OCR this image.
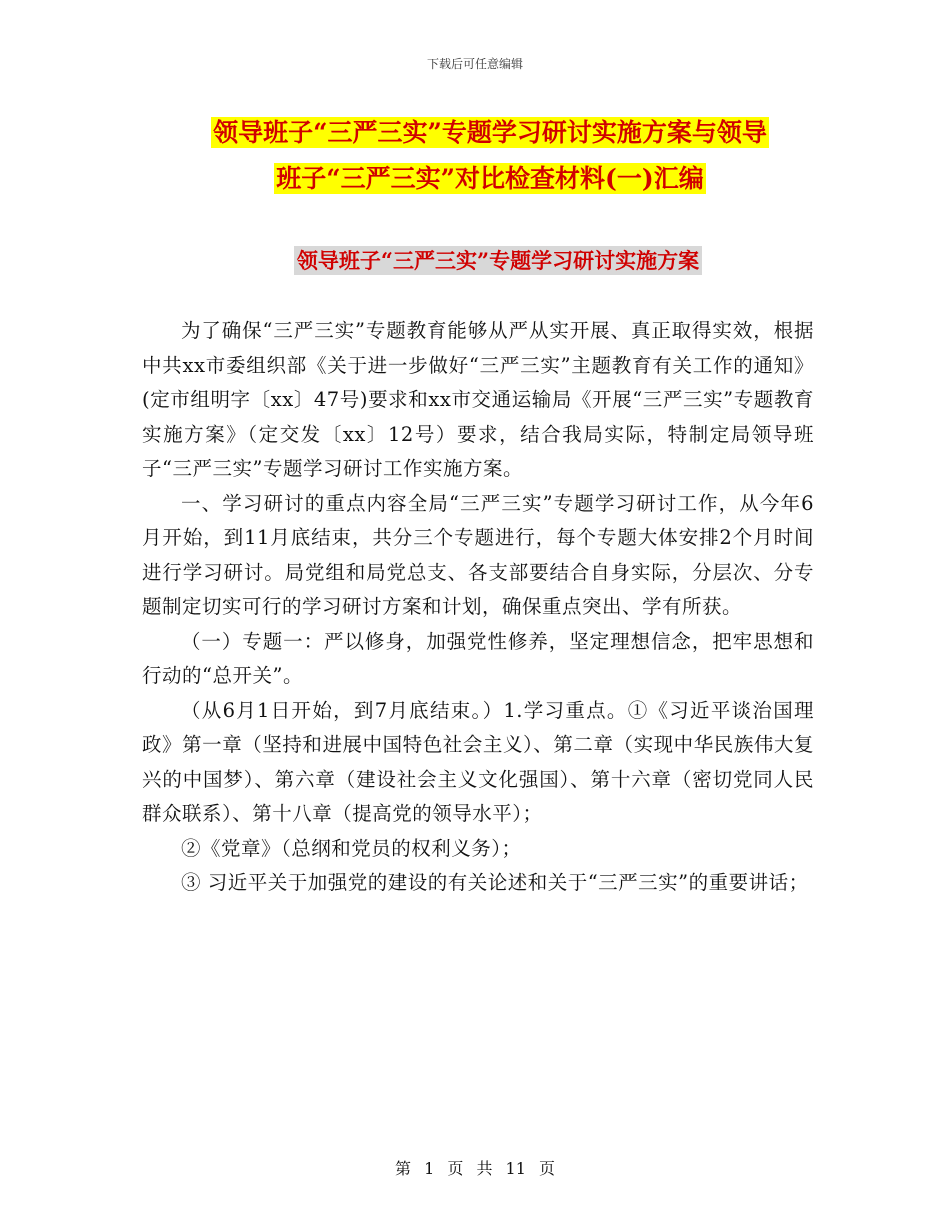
下载后可任意编辑
领导班子“三严三实”专题学习研讨实施方案与领导
班子“三严三实”对比检查材料(一)汇编
领导班子“三严三实”专题学习研讨实施方案

为了确保“三严三实”专题教育能够从严从实开展、真正取得实效，根据中共xx市委组织部《关于进一步做好“三严三实”主题教育有关工作的通知》(定市组明字〔xx〕47号)要求和xx市交通运输局《开展“三严三实”专题教育实施方案》（定交发〔xx〕12号）要求，结合我局实际，特制定局领导班子“三严三实”专题学习研讨工作实施方案。

一、学习研讨的重点内容全局“三严三实”专题学习研讨工作，从今年6月开始，到11月底结束，共分三个专题进行，每个专题大体安排2个月时间进行学习研讨。局党组和局党总支、各支部要结合自身实际，分层次、分专题制定切实可行的学习研讨方案和计划，确保重点突出、学有所获。

（一）专题一：严以修身，加强党性修养，坚定理想信念，把牢思想和行动的“总开关”。

（从6月1日开始，到7月底结束。）1.学习重点。①《习近平谈治国理政》第一章（坚持和进展中国特色社会主义）、第二章（实现中华民族伟大复兴的中国梦）、第六章（建设社会主义文化强国）、第十六章（密切党同人民群众联系）、第十八章（提高党的领导水平）；

②《党章》（总纲和党员的权利义务）；

③ 习近平关于加强党的建设的有关论述和关于“三严三实”的重要讲话；

第 1 页 共 11 页
